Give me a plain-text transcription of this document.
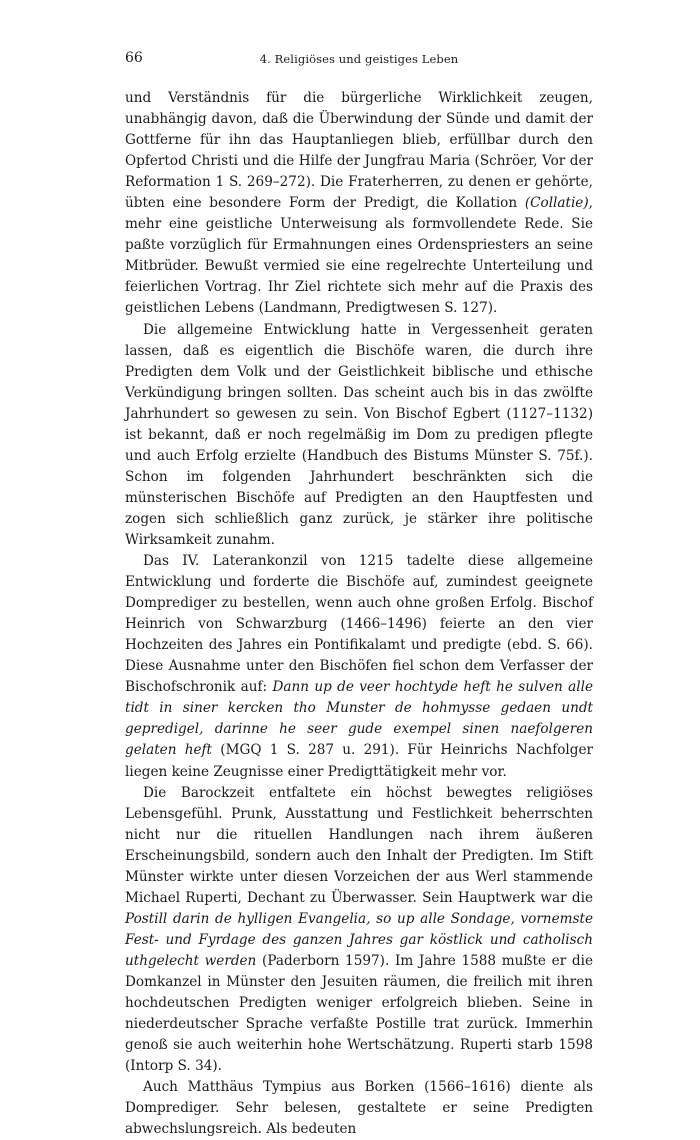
66	4. Religiöses und geistiges Leben

und Verständnis für die bürgerliche Wirklichkeit zeugen, unabhängig davon, daß die Überwindung der Sünde und damit der Gottferne für ihn das Hauptanliegen blieb, erfüllbar durch den Opfertod Christi und die Hilfe der Jungfrau Maria (Schröer, Vor der Reformation 1 S. 269–272). Die Fraterherren, zu denen er gehörte, übten eine besondere Form der Predigt, die Kollation (Collatie), mehr eine geistliche Unterweisung als formvollendete Rede. Sie paßte vorzüglich für Ermahnungen eines Ordenspriesters an seine Mitbrüder. Bewußt vermied sie eine regelrechte Unterteilung und feierlichen Vortrag. Ihr Ziel richtete sich mehr auf die Praxis des geistlichen Lebens (Landmann, Predigtwesen S. 127).

Die allgemeine Entwicklung hatte in Vergessenheit geraten lassen, daß es eigentlich die Bischöfe waren, die durch ihre Predigten dem Volk und der Geistlichkeit biblische und ethische Verkündigung bringen sollten. Das scheint auch bis in das zwölfte Jahrhundert so gewesen zu sein. Von Bischof Egbert (1127–1132) ist bekannt, daß er noch regelmäßig im Dom zu predigen pflegte und auch Erfolg erzielte (Handbuch des Bistums Münster S. 75f.). Schon im folgenden Jahrhundert beschränkten sich die münsterischen Bischöfe auf Predigten an den Hauptfesten und zogen sich schließlich ganz zurück, je stärker ihre politische Wirksamkeit zunahm.

Das IV. Laterankonzil von 1215 tadelte diese allgemeine Entwicklung und forderte die Bischöfe auf, zumindest geeignete Domprediger zu bestellen, wenn auch ohne großen Erfolg. Bischof Heinrich von Schwarzburg (1466–1496) feierte an den vier Hochzeiten des Jahres ein Pontifikalamt und predigte (ebd. S. 66). Diese Ausnahme unter den Bischöfen fiel schon dem Verfasser der Bischofschronik auf: Dann up de veer hochtyde heft he sulven alle tidt in siner kercken tho Munster de hohmysse gedaen undt gepredigel, darinne he seer gude exempel sinen naefolgeren gelaten heft (MGQ 1 S. 287 u. 291). Für Heinrichs Nachfolger liegen keine Zeugnisse einer Predigttätigkeit mehr vor.

Die Barockzeit entfaltete ein höchst bewegtes religiöses Lebensgefühl. Prunk, Ausstattung und Festlichkeit beherrschten nicht nur die rituellen Handlungen nach ihrem äußeren Erscheinungsbild, sondern auch den Inhalt der Predigten. Im Stift Münster wirkte unter diesen Vorzeichen der aus Werl stammende Michael Ruperti, Dechant zu Überwasser. Sein Hauptwerk war die Postill darin de hylligen Evangelia, so up alle Sondage, vornemste Fest- und Fyrdage des ganzen Jahres gar köstlick und catholisch uthgelecht werden (Paderborn 1597). Im Jahre 1588 mußte er die Domkanzel in Münster den Jesuiten räumen, die freilich mit ihren hochdeutschen Predigten weniger erfolgreich blieben. Seine in niederdeutscher Sprache verfaßte Postille trat zurück. Immerhin genoß sie auch weiterhin hohe Wertschätzung. Ruperti starb 1598 (Intorp S. 34).

Auch Matthäus Tympius aus Borken (1566–1616) diente als Domprediger. Sehr belesen, gestaltete er seine Predigten abwechslungsreich. Als bedeuten
